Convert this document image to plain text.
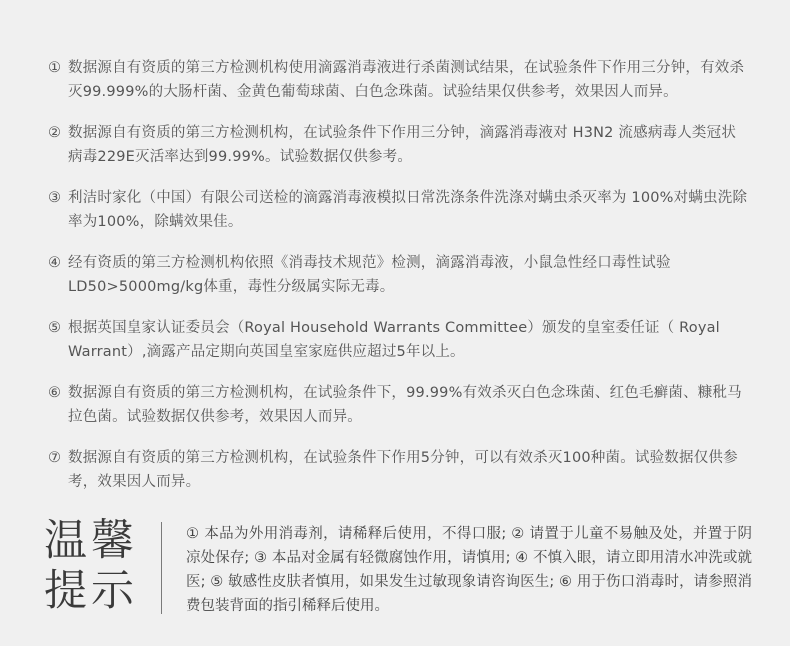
① 数据源自有资质的第三方检测机构使用滴露消毒液进行杀菌测试结果，在试验条件下作用三分钟，有效杀灭99.999%的大肠杆菌、金黄色葡萄球菌、白色念珠菌。试验结果仅供参考，效果因人而异。
② 数据源自有资质的第三方检测机构，在试验条件下作用三分钟，滴露消毒液对 H3N2 流感病毒人类冠状病毒229E灭活率达到99.99%。试验数据仅供参考。
③ 利洁时家化（中国）有限公司送检的滴露消毒液模拟日常洗涤条件洗涤对螨虫杀灭率为 100%对螨虫洗除率为100%，除螨效果佳。
④ 经有资质的第三方检测机构依照《消毒技术规范》检测，滴露消毒液，小鼠急性经口毒性试验LD50>5000mg/kg体重，毒性分级属实际无毒。
⑤ 根据英国皇家认证委员会（Royal Household Warrants Committee）颁发的皇室委任证（ Royal Warrant）,滴露产品定期向英国皇室家庭供应超过5年以上。
⑥ 数据源自有资质的第三方检测机构，在试验条件下，99.99%有效杀灭白色念珠菌、红色毛癣菌、糠秕马拉色菌。试验数据仅供参考，效果因人而异。
⑦ 数据源自有资质的第三方检测机构，在试验条件下作用5分钟，可以有效杀灭100种菌。试验数据仅供参考，效果因人而异。
温馨
提示
① 本品为外用消毒剂，请稀释后使用，不得口服; ② 请置于儿童不易触及处，并置于阴凉处保存; ③ 本品对金属有轻微腐蚀作用，请慎用; ④ 不慎入眼，请立即用清水冲洗或就医; ⑤ 敏感性皮肤者慎用，如果发生过敏现象请咨询医生; ⑥ 用于伤口消毒时，请参照消费包装背面的指引稀释后使用。
